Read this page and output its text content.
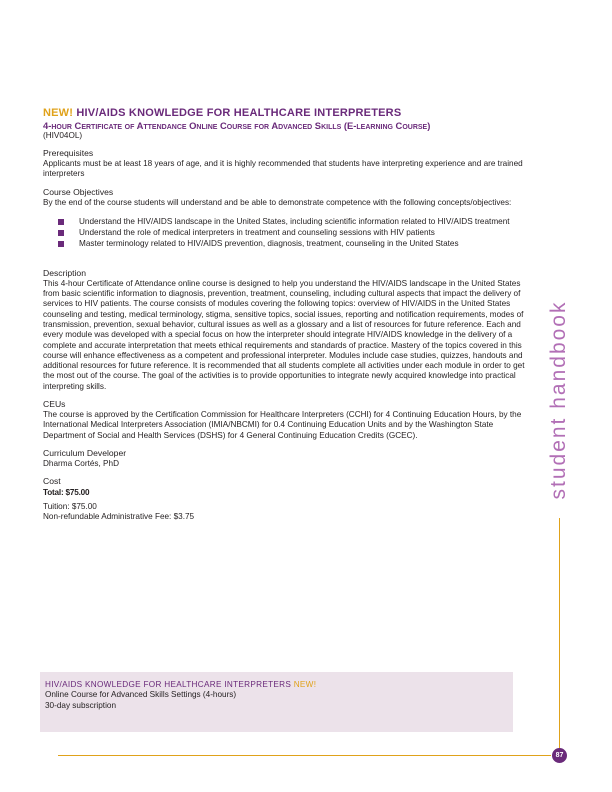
NEW! HIV/AIDS KNOWLEDGE FOR HEALTHCARE INTERPRETERS
4-hour Certificate of Attendance Online Course for Advanced Skills (E-learning Course)
(HIV04OL)
Prerequisites

Applicants must be at least 18 years of age, and it is highly recommended that students have interpreting experience and are trained interpreters

Course Objectives

By the end of the course students will understand and be able to demonstrate competence with the following concepts/objectives:

Understand the HIV/AIDS landscape in the United States, including scientific information related to HIV/AIDS treatment
Understand the role of medical interpreters in treatment and counseling sessions with HIV patients
Master terminology related to HIV/AIDS prevention, diagnosis, treatment, counseling in the United States
Description

This 4-hour Certificate of Attendance online course is designed to help you understand the HIV/AIDS landscape in the United States from basic scientific information to diagnosis, prevention, treatment, counseling, including cultural aspects that impact the delivery of services to HIV patients. The course consists of modules covering the following topics: overview of HIV/AIDS in the United States counseling and testing, medical terminology, stigma, sensitive topics, social issues, reporting and notification requirements, modes of transmission, prevention, sexual behavior, cultural issues as well as a glossary and a list of resources for future reference. Each and every module was developed with a special focus on how the interpreter should integrate HIV/AIDS knowledge in the delivery of a complete and accurate interpretation that meets ethical requirements and standards of practice. Mastery of the topics covered in this course will enhance effectiveness as a competent and professional interpreter. Modules include case studies, quizzes, handouts and additional resources for future reference. It is recommended that all students complete all activities under each module in order to get the most out of the course. The goal of the activities is to provide opportunities to integrate newly acquired knowledge into practical interpreting skills.

CEUs

The course is approved by the Certification Commission for Healthcare Interpreters (CCHI) for 4 Continuing Education Hours, by the International Medical Interpreters Association (IMIA/NBCMI) for 0.4 Continuing Education Units and by the Washington State Department of Social and Health Services (DSHS) for 4 General Continuing Education Credits (GCEC).

Curriculum Developer

Dharma Cortés, PhD

Cost

Total: $75.00

Tuition: $75.00

Non-refundable Administrative Fee: $3.75

HIV/AIDS KNOWLEDGE FOR HEALTHCARE INTERPRETERS NEW!
Online Course for Advanced Skills Settings (4-hours)
30-day subscription
student handbook
87
